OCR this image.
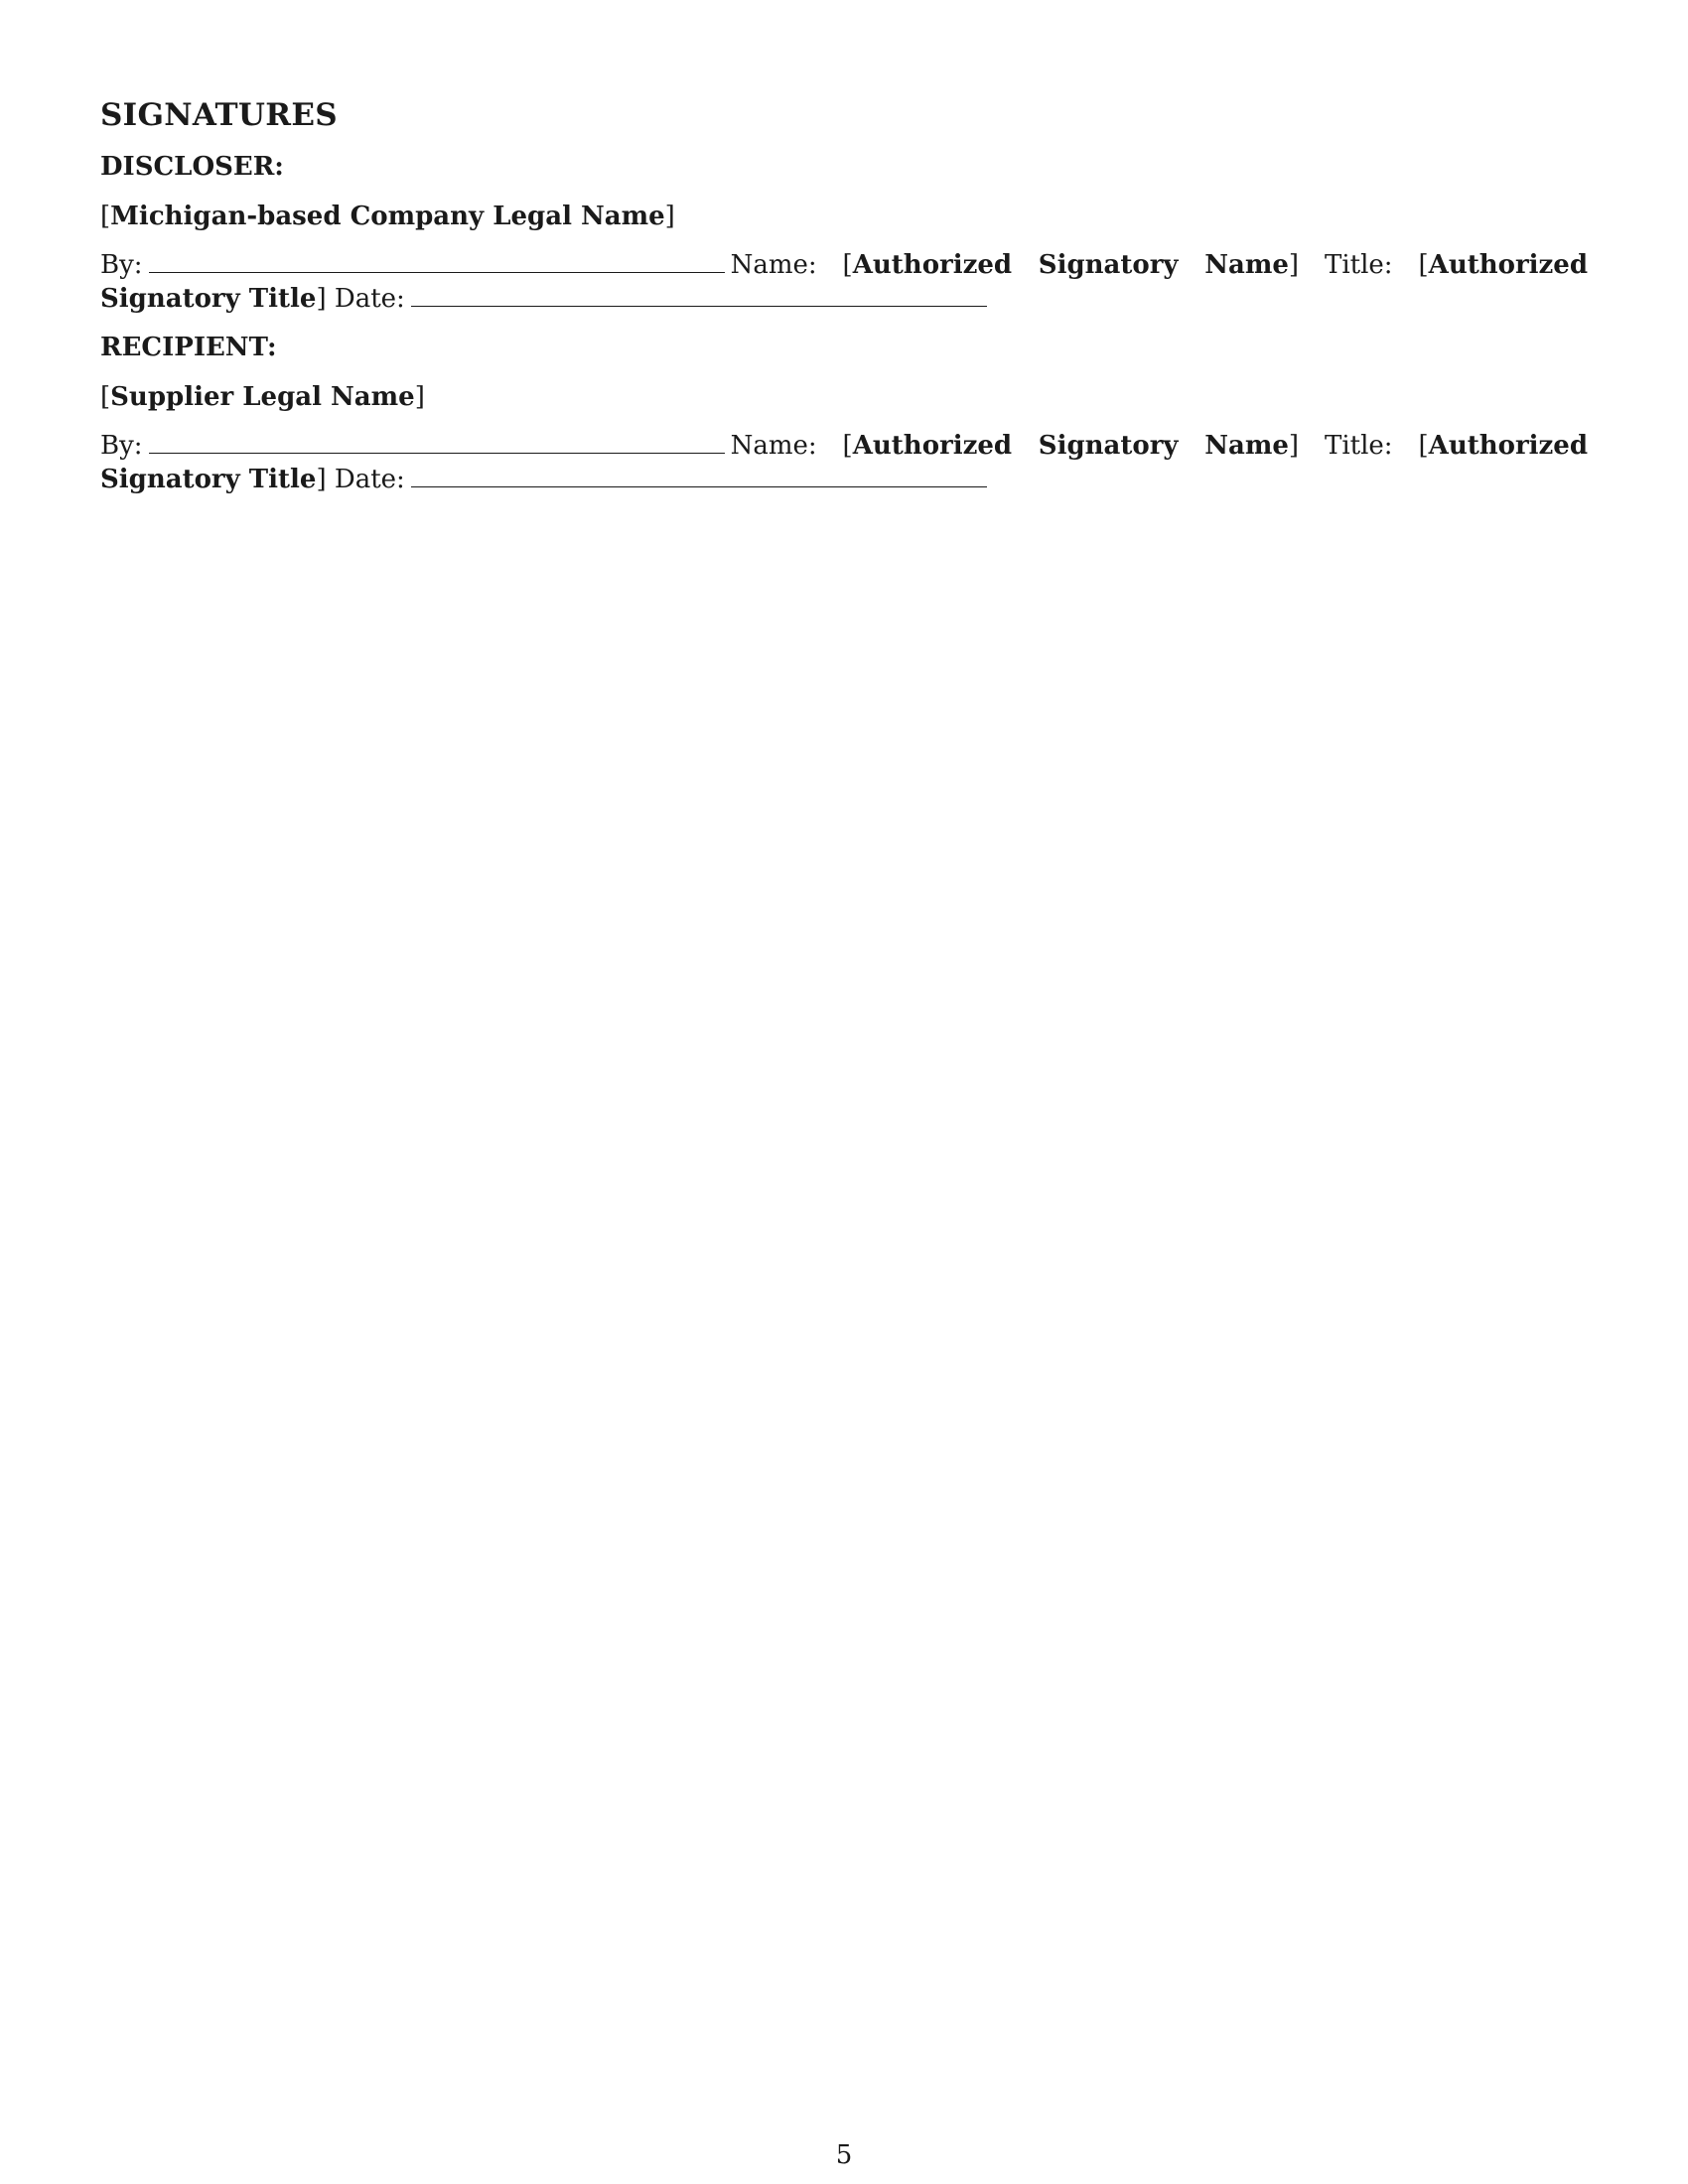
SIGNATURES
DISCLOSER:
[Michigan-based Company Legal Name]
By:	Name: [Authorized Signatory Name] Title: [Authorized Signatory Title] Date:
RECIPIENT:
[Supplier Legal Name]
By:	Name: [Authorized Signatory Name] Title: [Authorized Signatory Title] Date:
5
